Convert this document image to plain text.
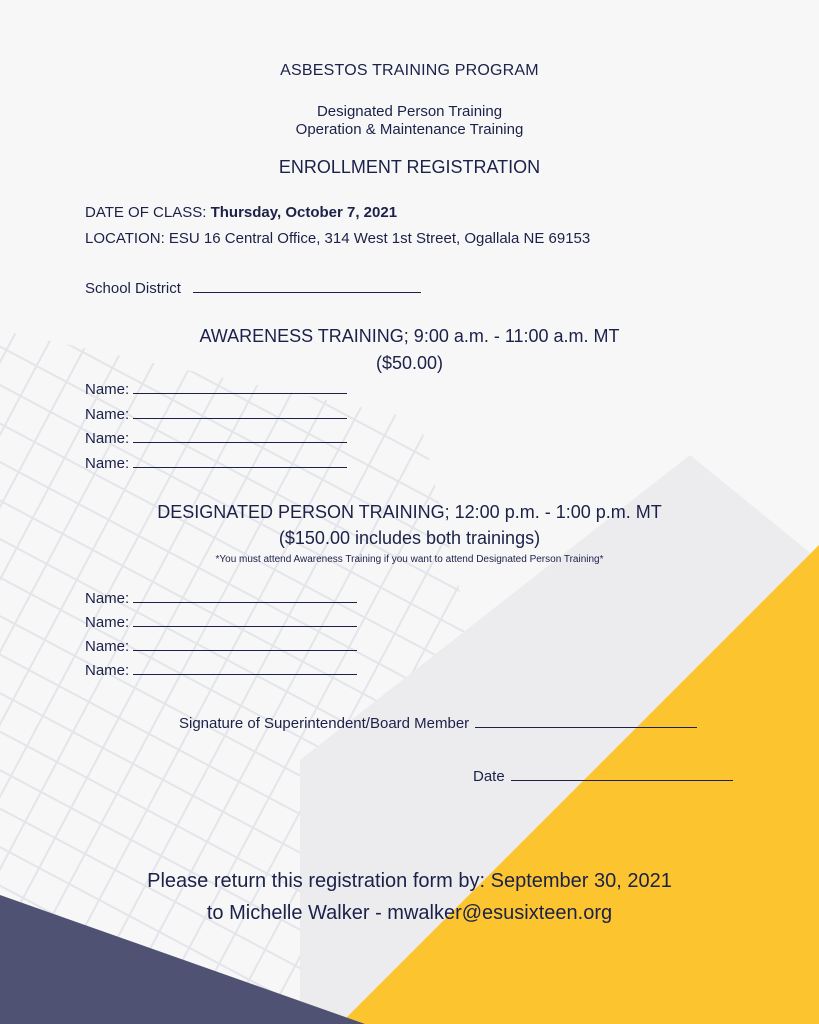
ASBESTOS TRAINING PROGRAM
Designated Person Training
Operation & Maintenance Training
ENROLLMENT REGISTRATION
DATE OF CLASS: Thursday, October 7, 2021
LOCATION: ESU 16 Central Office, 314 West 1st Street, Ogallala NE 69153
School District
AWARENESS TRAINING; 9:00 a.m. - 11:00 a.m. MT
($50.00)
Name:
Name:
Name:
Name:
DESIGNATED PERSON TRAINING; 12:00 p.m. - 1:00 p.m. MT
($150.00 includes both trainings)
*You must attend Awareness Training if you want to attend Designated Person Training*
Name:
Name:
Name:
Name:
Signature of Superintendent/Board Member
Date
Please return this registration form by: September 30, 2021
to Michelle Walker - mwalker@esusixteen.org
